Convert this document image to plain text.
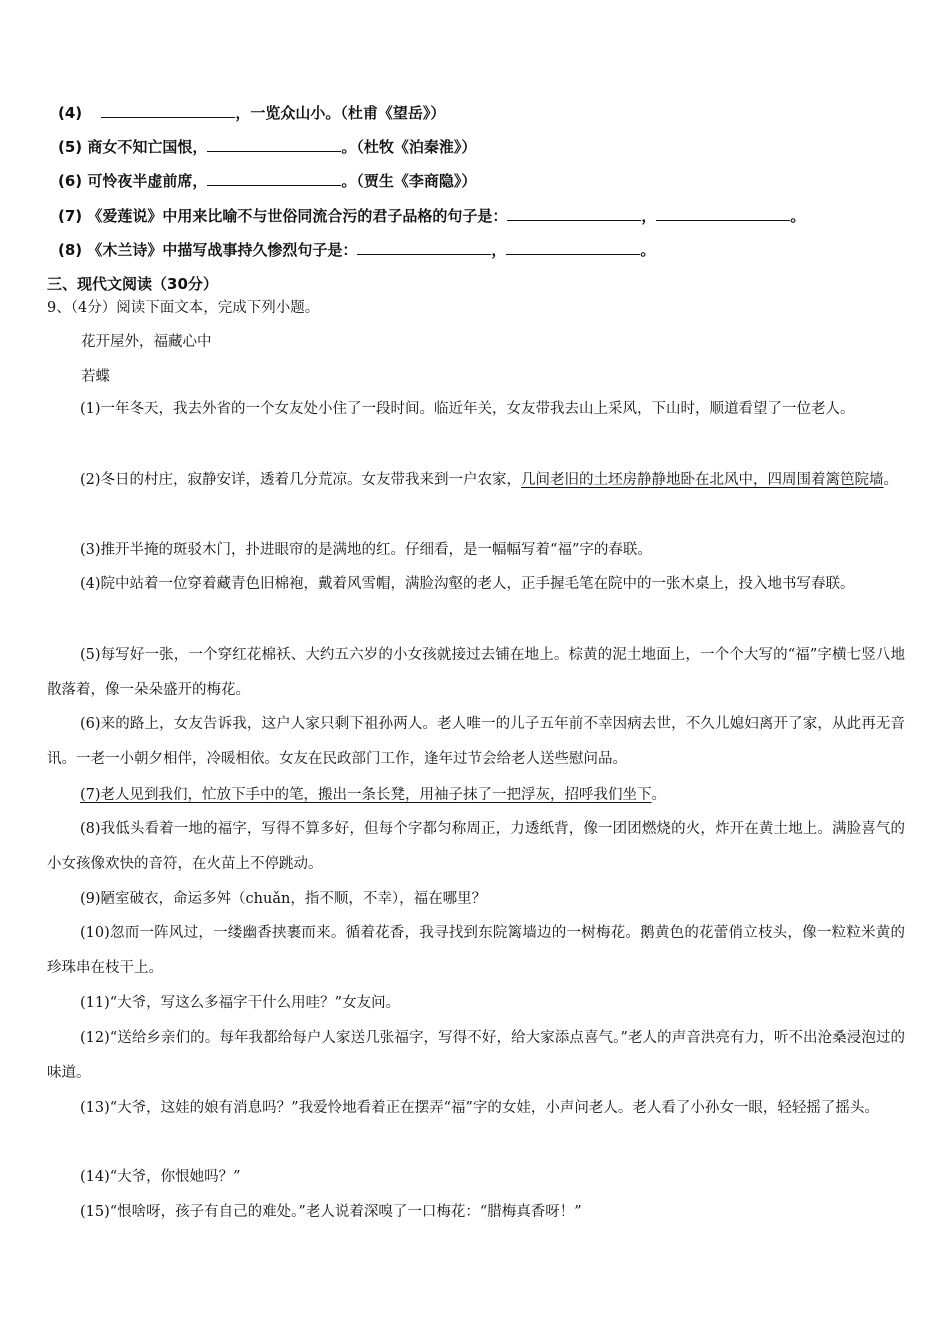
(4)	，一览众山小。（杜甫《望岳》）
(5) 商女不知亡国恨，	。（杜牧《泊秦淮》）
(6) 可怜夜半虚前席，	。（贾生《李商隐》）
(7) 《爱莲说》中用来比喻不与世俗同流合污的君子品格的句子是：	，	。
(8) 《木兰诗》中描写战事持久惨烈句子是：	，	。
三、现代文阅读（30分）
9、（4分）阅读下面文本，完成下列小题。
花开屋外，福藏心中
若蝶

(1)一年冬天，我去外省的一个女友处小住了一段时间。临近年关，女友带我去山上采风，下山时，顺道看望了一位老人。

(2)冬日的村庄，寂静安详，透着几分荒凉。女友带我来到一户农家，几间老旧的土坯房静静地卧在北风中，四周围着篱笆院墙。

(3)推开半掩的斑驳木门，扑进眼帘的是满地的红。仔细看，是一幅幅写着“福”字的春联。

(4)院中站着一位穿着藏青色旧棉袍，戴着风雪帽，满脸沟壑的老人，正手握毛笔在院中的一张木桌上，投入地书写春联。

(5)每写好一张，一个穿红花棉袄、大约五六岁的小女孩就接过去铺在地上。棕黄的泥土地面上，一个个大写的“福”字横七竖八地散落着，像一朵朵盛开的梅花。

(6)来的路上，女友告诉我，这户人家只剩下祖孙两人。老人唯一的儿子五年前不幸因病去世，不久儿媳妇离开了家，从此再无音讯。一老一小朝夕相伴，冷暖相依。女友在民政部门工作，逢年过节会给老人送些慰问品。

(7)老人见到我们，忙放下手中的笔，搬出一条长凳，用袖子抹了一把浮灰，招呼我们坐下。

(8)我低头看着一地的福字，写得不算多好，但每个字都匀称周正，力透纸背，像一团团燃烧的火，炸开在黄土地上。满脸喜气的小女孩像欢快的音符，在火苗上不停跳动。

(9)陋室破衣，命运多舛（chuǎn，指不顺，不幸），福在哪里？

(10)忽而一阵风过，一缕幽香挟裹而来。循着花香，我寻找到东院篱墙边的一树梅花。鹅黄色的花蕾俏立枝头，像一粒粒米黄的珍珠串在枝干上。

(11)“大爷，写这么多福字干什么用哇？”女友问。

(12)“送给乡亲们的。每年我都给每户人家送几张福字，写得不好，给大家添点喜气。”老人的声音洪亮有力，听不出沧桑浸泡过的味道。

(13)“大爷，这娃的娘有消息吗？”我爱怜地看着正在摆弄“福”字的女娃，小声问老人。老人看了小孙女一眼，轻轻摇了摇头。

(14)“大爷，你恨她吗？”

(15)“恨啥呀，孩子有自己的难处。”老人说着深嗅了一口梅花：“腊梅真香呀！”
